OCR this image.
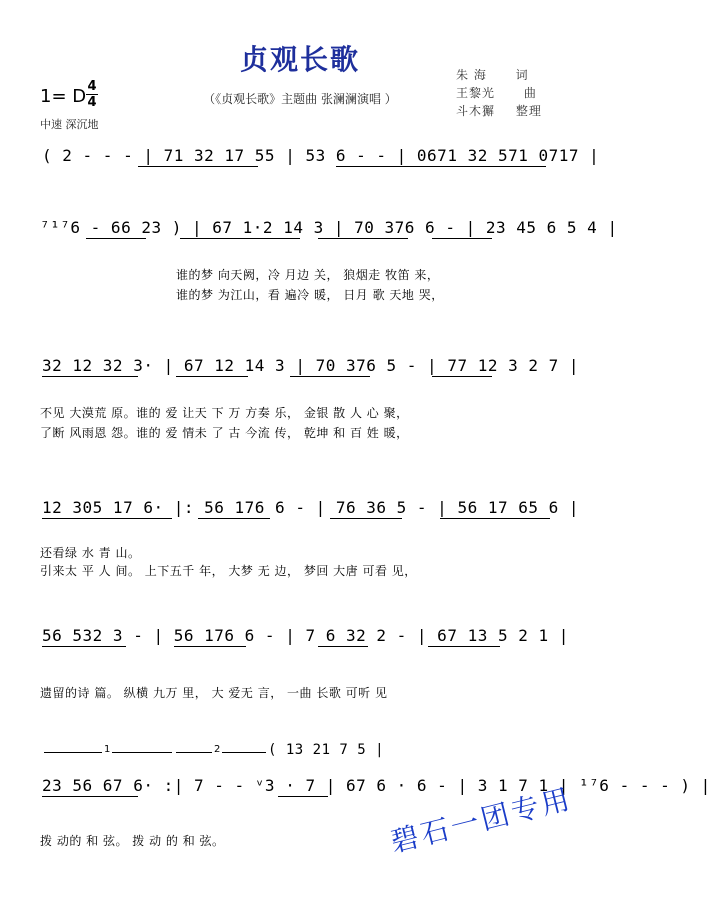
贞观长歌
（《贞观长歌》主题曲 张澜澜演唱 ）
朱 海 词
王黎光 曲
斗木獬 整理
1= D 4
4
中速 深沉地
( 2 - - - | 71 32 17 55 | 53 6 - - | 0671 32 571 0717 |
⁷¹⁷6 - 66 23 ) | 67 1·2 14 3 | 70 376 6 - | 23 45 6 5 4 |
谁的梦 向天阙，冷 月边 关， 狼烟走 牧笛 来，
谁的梦 为江山，看 遍冷 暖， 日月 歌 天地 哭，
32 12 32 3· | 67 12 14 3 | 70 376 5 - | 77 12 3 2 7 |
不见 大漠荒 原。谁的 爱 让天 下 万 方奏 乐， 金银 散 人 心 聚，
了断 风雨恩 怨。谁的 爱 情未 了 古 今流 传， 乾坤 和 百 姓 暖，
12 305 17 6· |: 56 176 6 - | 76 36 5 - | 56 17 65 6 |
还看绿 水 青 山。
引来太 平 人 间。 上下五千 年， 大梦 无 边， 梦回 大唐 可看 见，
56 532 3 - | 56 176 6 - | 7 6 32 2 - | 67 13 5 2 1 |
遗留的诗 篇。 纵横 九万 里， 大 爱无 言， 一曲 长歌 可听 见
1	2	( 13 21 7 5 |
23 56 67 6· :| 7 - - ᵛ3 · 7 | 67 6 · 6 - | 3 1 7 1 | ¹⁷6 - - - ) |
拨 动的 和 弦。 拨 动 的 和 弦。	碧石一团专用
